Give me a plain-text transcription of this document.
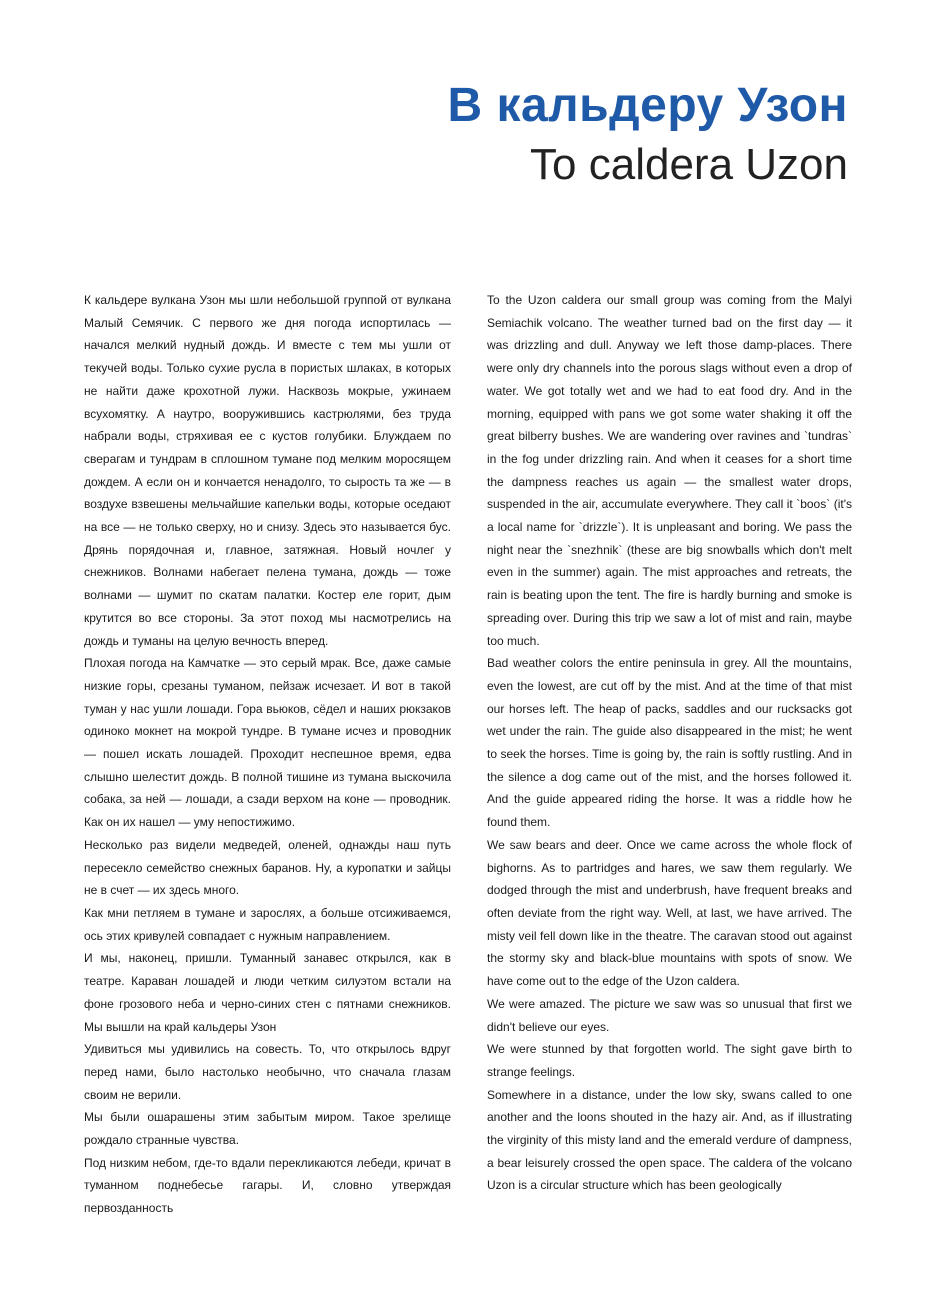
В кальдеру Узон
To caldera Uzon

К кальдере вулкана Узон мы шли небольшой группой от вулкана Малый Семячик. С первого же дня погода испортилась — начался мелкий нудный дождь. И вместе с тем мы ушли от текучей воды. Только сухие русла в пористых шлаках, в которых не найти даже крохотной лужи. Насквозь мокрые, ужинаем всухомятку. А наутро, вооружившись кастрюлями, без труда набрали воды, стряхивая ее с кустов голубики. Блуждаем по сверагам и тундрам в сплошном тумане под мелким моросящем дождем. А если он и кончается ненадолго, то сырость та же — в воздухе взвешены мельчайшие капельки воды, которые оседают на все — не только сверху, но и снизу. Здесь это называется бус. Дрянь порядочная и, главное, затяжная. Новый ночлег у снежников. Волнами набегает пелена тумана, дождь — тоже волнами — шумит по скатам палатки. Костер еле горит, дым крутится во все стороны. За этот поход мы насмотрелись на дождь и туманы на целую вечность вперед.

Плохая погода на Камчатке — это серый мрак. Все, даже самые низкие горы, срезаны туманом, пейзаж исчезает. И вот в такой туман у нас ушли лошади. Гора вьюков, сёдел и наших рюкзаков одиноко мокнет на мокрой тундре. В тумане исчез и проводник — пошел искать лошадей. Проходит неспешное время, едва слышно шелестит дождь. В полной тишине из тумана выскочила собака, за ней — лошади, а сзади верхом на коне — проводник. Как он их нашел — уму непостижимо.

Несколько раз видели медведей, оленей, однажды наш путь пересекло семейство снежных баранов. Ну, а куропатки и зайцы не в счет — их здесь много.

Как мни петляем в тумане и зарослях, а больше отсиживаемся, ось этих кривулей совпадает с нужным направлением.

И мы, наконец, пришли. Туманный занавес открылся, как в театре. Караван лошадей и люди четким силуэтом встали на фоне грозового неба и черно-синих стен с пятнами снежников. Мы вышли на край кальдеры Узон

Удивиться мы удивились на совесть. То, что открылось вдруг перед нами, было настолько необычно, что сначала глазам своим не верили.

Мы были ошарашены этим забытым миром. Такое зрелище рождало странные чувства.

Под низким небом, где-то вдали перекликаются лебеди, кричат в туманном поднебесье гагары. И, словно утверждая первозданность

To the Uzon caldera our small group was coming from the Malyi Semiachik volcano. The weather turned bad on the first day — it was drizzling and dull. Anyway we left those damp-places. There were only dry channels into the porous slags without even a drop of water. We got totally wet and we had to eat food dry. And in the morning, equipped with pans we got some water shaking it off the great bilberry bushes. We are wandering over ravines and `tundras` in the fog under drizzling rain. And when it ceases for a short time the dampness reaches us again — the smallest water drops, suspended in the air, accumulate everywhere. They call it `boos` (it's a local name for `drizzle`). It is unpleasant and boring. We pass the night near the `snezhnik` (these are big snowballs which don't melt even in the summer) again. The mist approaches and retreats, the rain is beating upon the tent. The fire is hardly burning and smoke is spreading over. During this trip we saw a lot of mist and rain, maybe too much.

Bad weather colors the entire peninsula in grey. All the mountains, even the lowest, are cut off by the mist. And at the time of that mist our horses left. The heap of packs, saddles and our rucksacks got wet under the rain. The guide also disappeared in the mist; he went to seek the horses. Time is going by, the rain is softly rustling. And in the silence a dog came out of the mist, and the horses followed it. And the guide appeared riding the horse. It was a riddle how he found them.

We saw bears and deer. Once we came across the whole flock of bighorns. As to partridges and hares, we saw them regularly. We dodged through the mist and underbrush, have frequent breaks and often deviate from the right way. Well, at last, we have arrived. The misty veil fell down like in the theatre. The caravan stood out against the stormy sky and black-blue mountains with spots of snow. We have come out to the edge of the Uzon caldera.

We were amazed. The picture we saw was so unusual that first we didn't believe our eyes.

We were stunned by that forgotten world. The sight gave birth to strange feelings.

Somewhere in a distance, under the low sky, swans called to one another and the loons shouted in the hazy air. And, as if illustrating the virginity of this misty land and the emerald verdure of dampness, a bear leisurely crossed the open space. The caldera of the volcano Uzon is a circular structure which has been geologically
